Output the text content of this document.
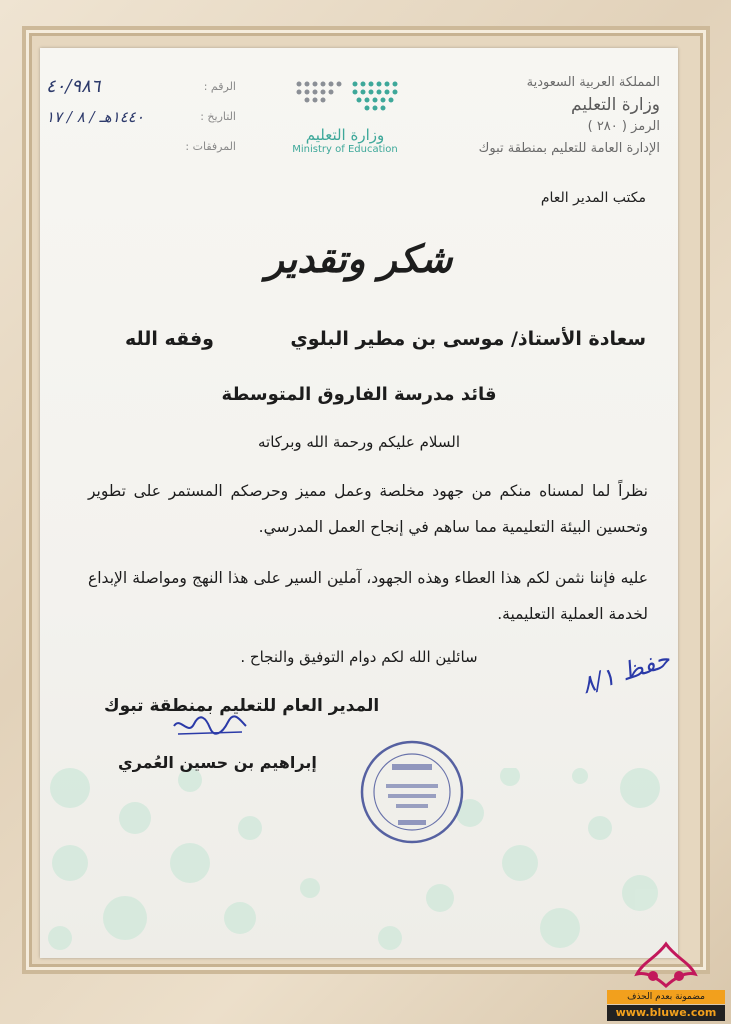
المملكة العربية السعودية
وزارة التعليم
الرمز ( ٢٨٠ )
الإدارة العامة للتعليم بمنطقة تبوك
وزارة التعليم
Ministry of Education
الرقم :
٤٠/٩٨٦
التاريخ :
١٤٤٠هـ / ٨ / ١٧
المرفقات :
مكتب المدير العام
شكر وتقدير
سعادة الأستاذ/ موسى بن مطير البلوي
وفقه الله
قائد مدرسة الفاروق المتوسطة
السلام عليكم ورحمة الله وبركاته
نظراً لما لمسناه منكم من جهود مخلصة وعمل مميز وحرصكم المستمر على تطوير وتحسين البيئة التعليمية مما ساهم في إنجاح العمل المدرسي.
عليه فإننا نثمن لكم هذا العطاء وهذه الجهود، آملين السير على هذا النهج ومواصلة الإبداع لخدمة العملية التعليمية.
سائلين الله لكم دوام التوفيق والنجاح .
حفظ ٨/١
المدير العام للتعليم بمنطقة تبوك
إبراهيم بن حسين العُمري
مضمونة بعدم الحذف
www.bluwe.com
